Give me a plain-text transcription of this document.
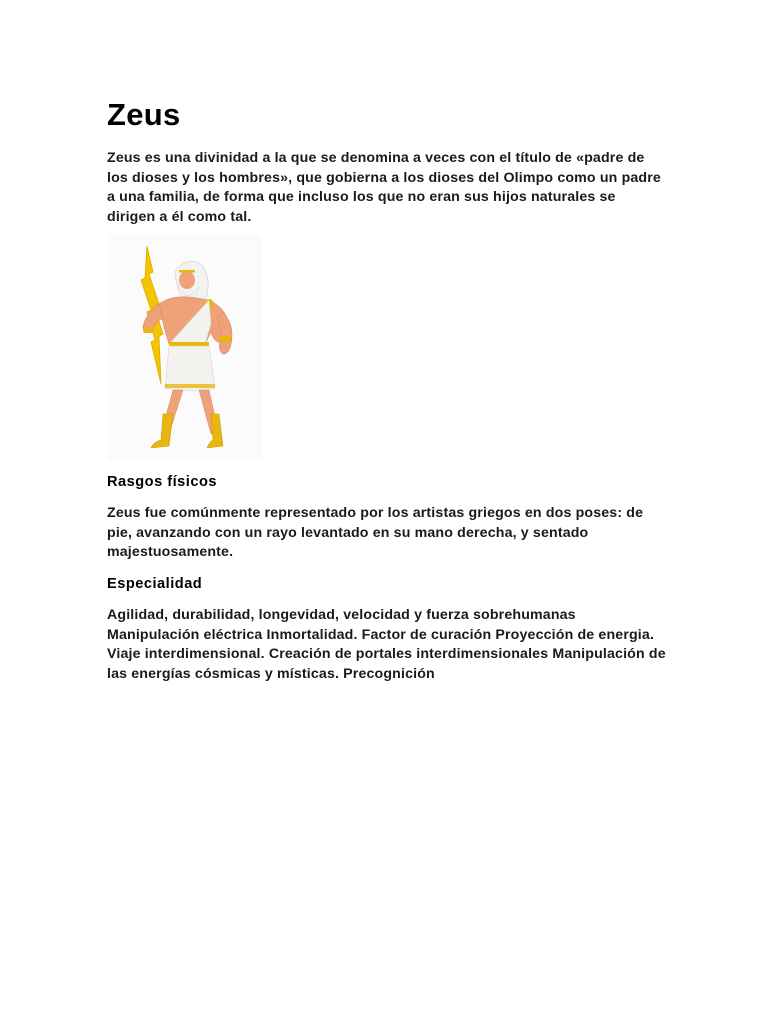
Zeus

Zeus es una divinidad a la que se denomina a veces con el título de «padre de los dioses y los hombres», que gobierna a los dioses del Olimpo como un padre a una familia, de forma que incluso los que no eran sus hijos naturales se dirigen a él como tal.

Rasgos físicos

Zeus fue comúnmente representado por los artistas griegos en dos poses: de pie, avanzando con un rayo levantado en su mano derecha, y sentado majestuosamente.

Especialidad

Agilidad, durabilidad, longevidad, velocidad y fuerza sobrehumanas Manipulación eléctrica Inmortalidad. Factor de curación Proyección de energia. Viaje interdimensional. Creación de portales interdimensionales Manipulación de las energías cósmicas y místicas. Precognición
